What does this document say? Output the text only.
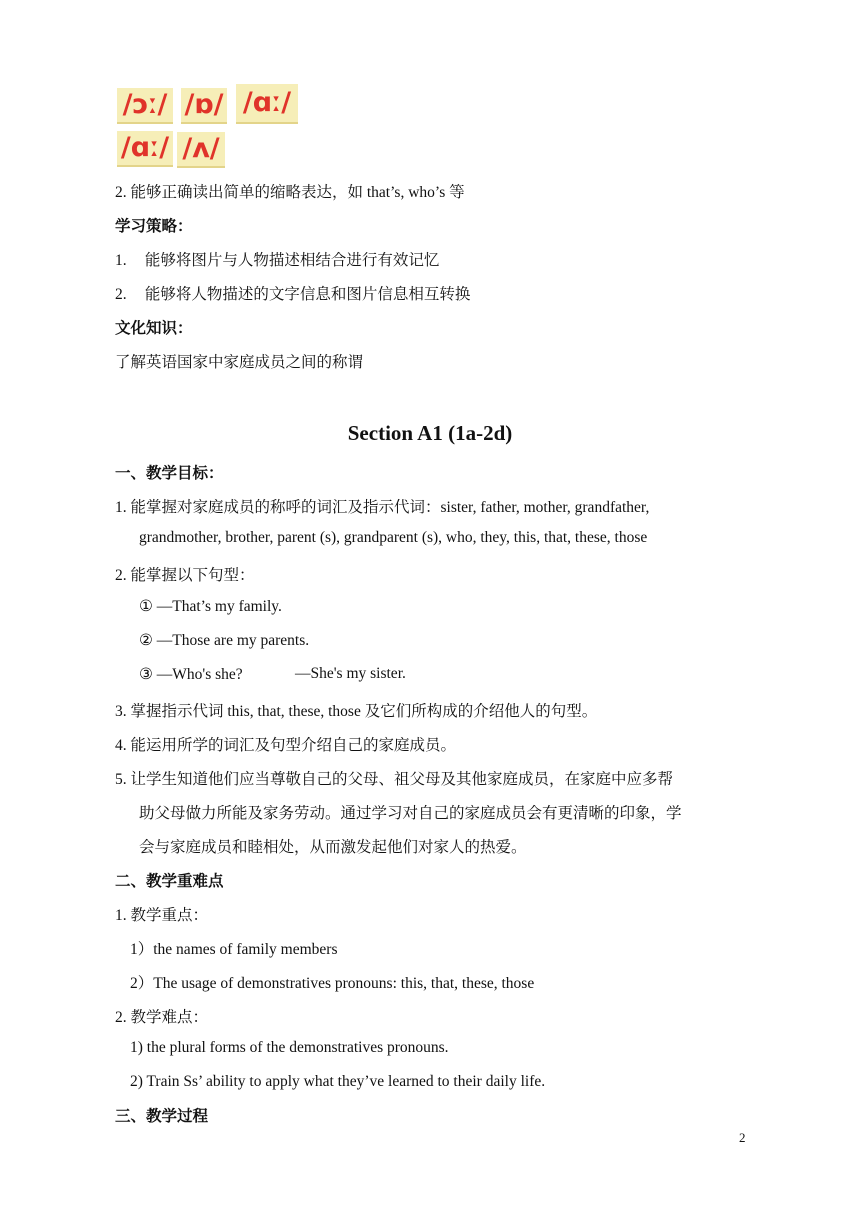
/ɔː/ /ɒ/ /ɑː/
/ɑː/ /ʌ/
2. 能够正确读出简单的缩略表达，如 that’s, who’s 等
学习策略：
1. 能够将图片与人物描述相结合进行有效记忆
2. 能够将人物描述的文字信息和图片信息相互转换
文化知识：
了解英语国家中家庭成员之间的称谓
Section A1 (1a-2d)
一、教学目标：
1. 能掌握对家庭成员的称呼的词汇及指示代词：sister, father, mother, grandfather,
grandmother, brother, parent (s), grandparent (s), who, they, this, that, these, those
2. 能掌握以下句型：
① —That’s my family.
② —Those are my parents.
③ —Who's she?	—She's my sister.
3. 掌握指示代词 this, that, these, those 及它们所构成的介绍他人的句型。
4. 能运用所学的词汇及句型介绍自己的家庭成员。
5. 让学生知道他们应当尊敬自己的父母、祖父母及其他家庭成员，在家庭中应多帮
助父母做力所能及家务劳动。通过学习对自己的家庭成员会有更清晰的印象，学
会与家庭成员和睦相处，从而激发起他们对家人的热爱。
二、教学重难点
1. 教学重点：
1）the names of family members
2）The usage of demonstratives pronouns: this, that, these, those
2. 教学难点：
1) the plural forms of the demonstratives pronouns.
2) Train Ss’ ability to apply what they’ve learned to their daily life.
三、教学过程
2
